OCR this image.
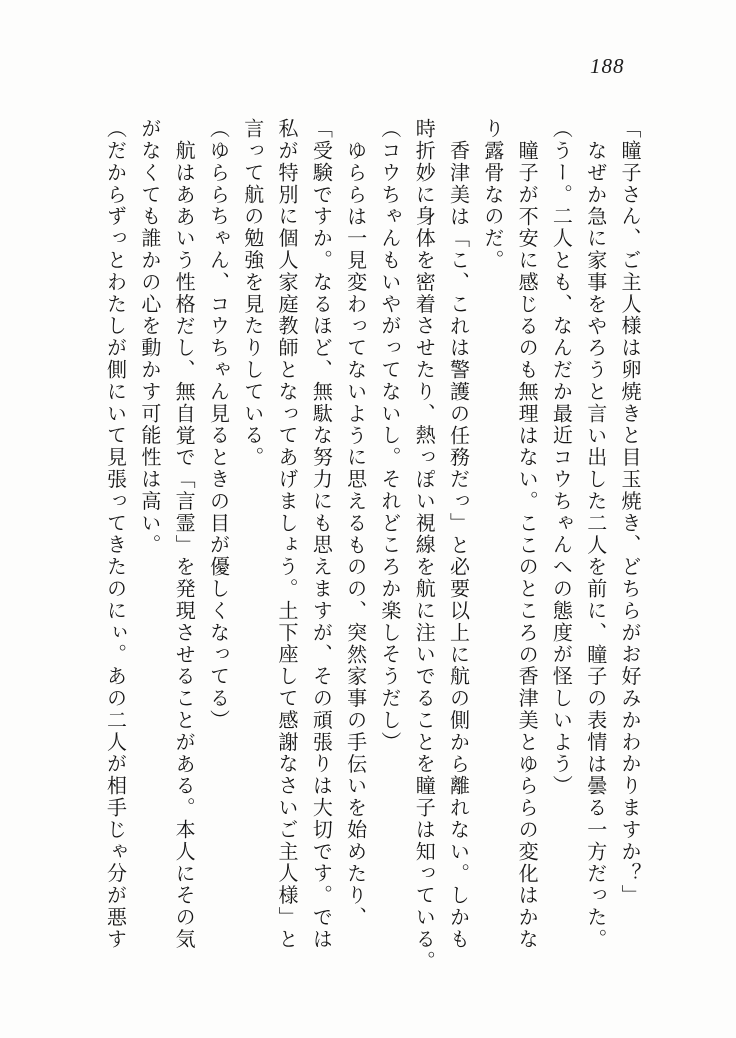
188
「瞳子さん、ご主人様は卵焼きと目玉焼き、どちらがお好みかわかりますか？」
なぜか急に家事をやろうと言い出した二人を前に、瞳子の表情は曇る一方だった。
（うー。二人とも、なんだか最近コウちゃんへの態度が怪しいよう）
瞳子が不安に感じるのも無理はない。ここのところの香津美とゆららの変化はかな
り露骨なのだ。
香津美は「こ、これは警護の任務だっ」と必要以上に航の側から離れない。しかも
時折妙に身体を密着させたり、熱っぽい視線を航に注いでることを瞳子は知っている。
（コウちゃんもいやがってないし。それどころか楽しそうだし）
ゆららは一見変わってないように思えるものの、突然家事の手伝いを始めたり、
「受験ですか。なるほど、無駄な努力にも思えますが、その頑張りは大切です。では
私が特別に個人家庭教師となってあげましょう。土下座して感謝なさいご主人様」と
言って航の勉強を見たりしている。
（ゆららちゃん、コウちゃん見るときの目が優しくなってる）
航はああいう性格だし、無自覚で「言霊」を発現させることがある。本人にその気
がなくても誰かの心を動かす可能性は高い。
（だからずっとわたしが側にいて見張ってきたのにぃ。あの二人が相手じゃ分が悪す
